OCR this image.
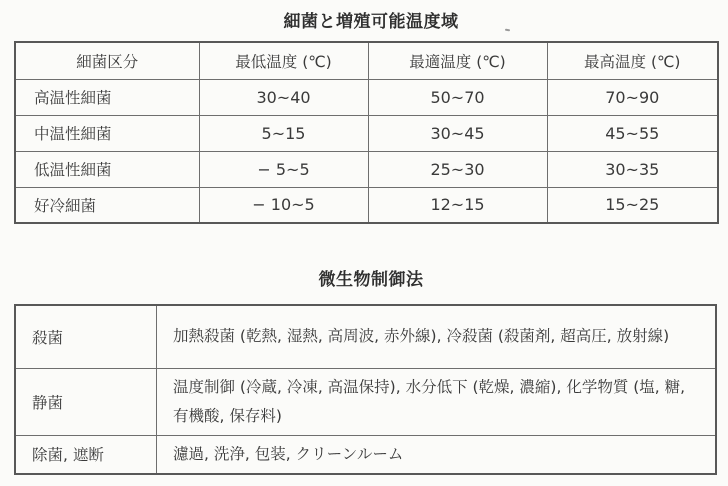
細菌と増殖可能温度域
細菌区分	最低温度 (℃)	最適温度 (℃)	最高温度 (℃)
高温性細菌	30~40	50~70	70~90
中温性細菌	5~15	30~45	45~55
低温性細菌	− 5~5	25~30	30~35
好冷細菌	− 10~5	12~15	15~25
微生物制御法
殺菌	加熱殺菌 (乾熱, 湿熱, 高周波, 赤外線), 冷殺菌 (殺菌剤, 超高圧, 放射線)
静菌	温度制御 (冷蔵, 冷凍, 高温保持), 水分低下 (乾燥, 濃縮), 化学物質 (塩, 糖, 有機酸, 保存料)
除菌, 遮断	濾過, 洗浄, 包装, クリーンルーム
